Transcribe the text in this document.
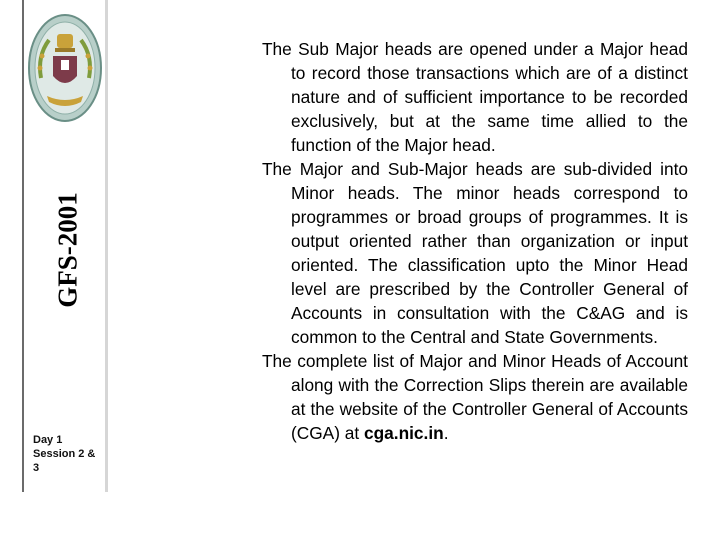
GFS-2001
Day 1
Session 2 &
3

The Sub Major heads are opened under a Major head to record those transactions which are of a distinct nature and of sufficient importance to be recorded exclusively, but at the same time allied to the function of the Major head.

The Major and Sub-Major heads are sub-divided into Minor heads. The minor heads correspond to programmes or broad groups of programmes. It is output oriented rather than organization or input oriented. The classification upto the Minor Head level are prescribed by the Controller General of Accounts in consultation with the C&AG and is common to the Central and State Governments.

The complete list of Major and Minor Heads of Account along with the Correction Slips therein are available at the website of the Controller General of Accounts (CGA) at cga.nic.in.
